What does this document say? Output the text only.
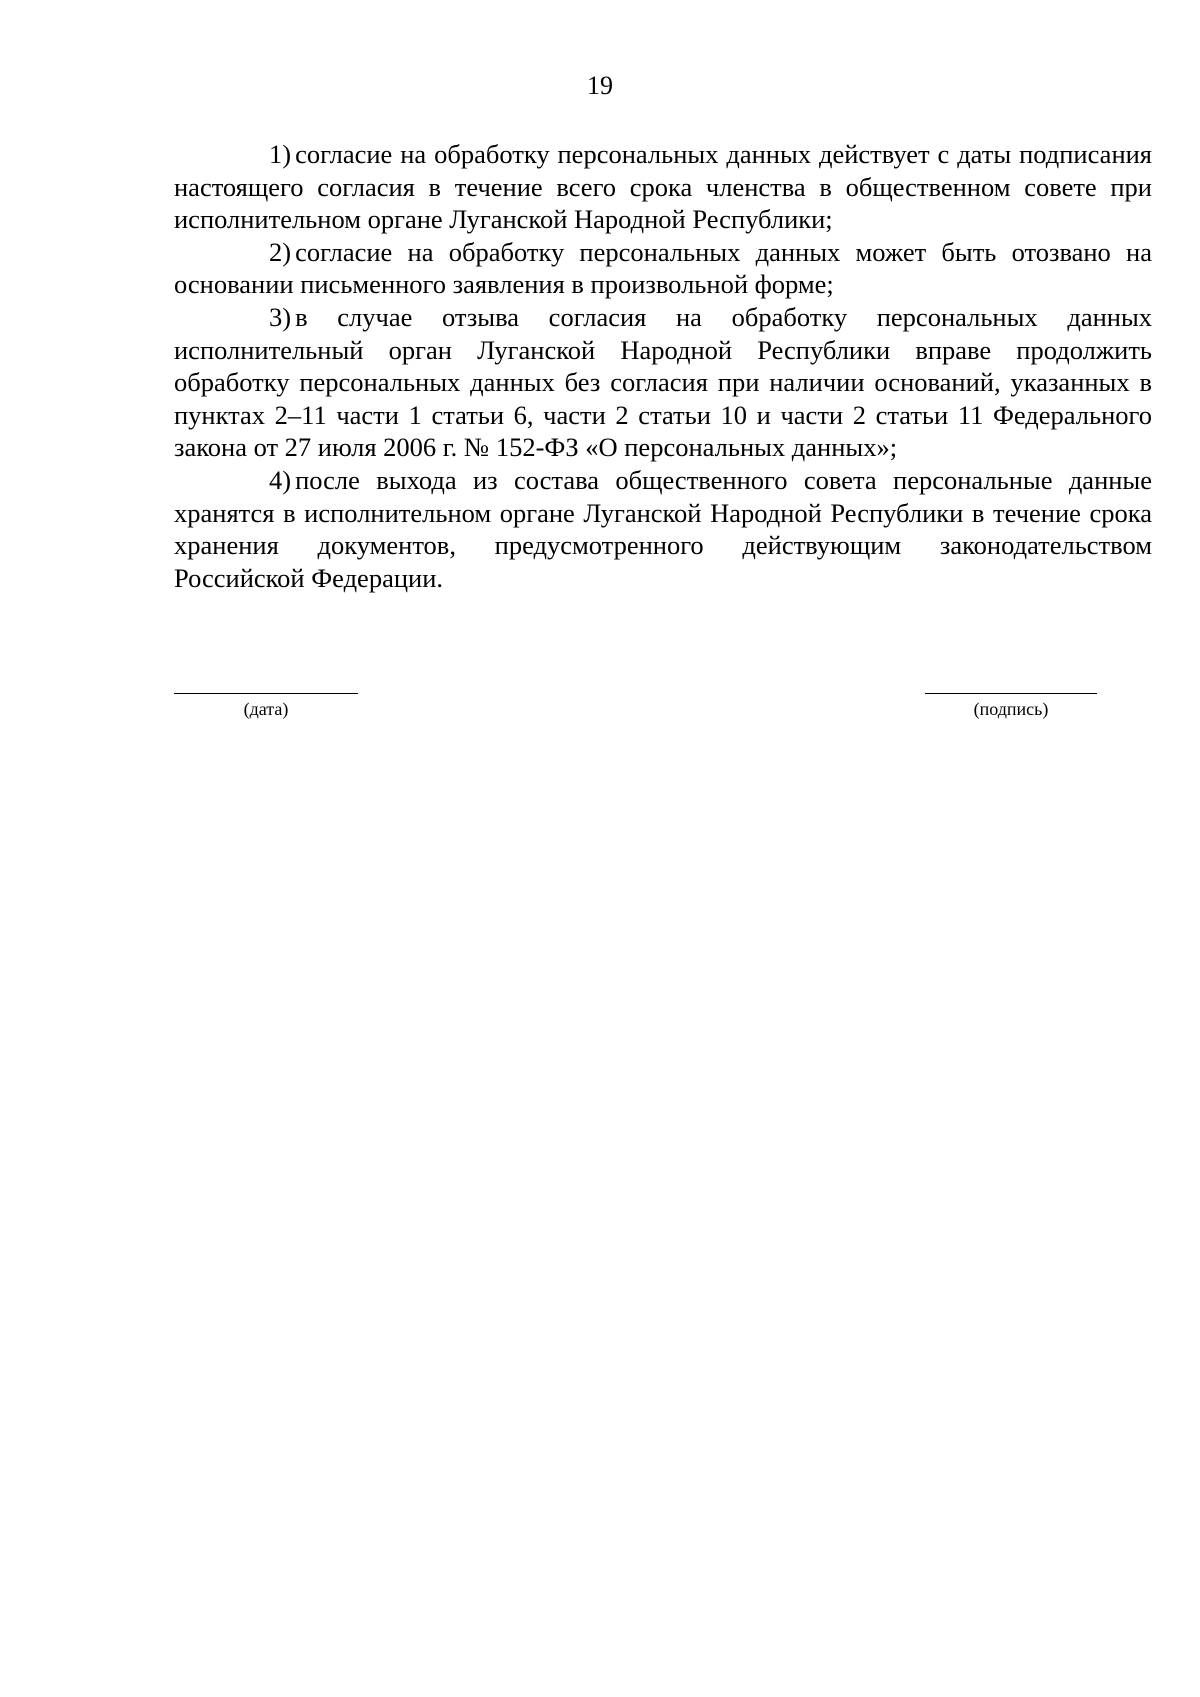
19

1) согласие на обработку персональных данных действует с даты подписания настоящего согласия в течение всего срока членства в общественном совете при исполнительном органе Луганской Народной Республики;

2) согласие на обработку персональных данных может быть отозвано на основании письменного заявления в произвольной форме;

3) в случае отзыва согласия на обработку персональных данных исполнительный орган Луганской Народной Республики вправе продолжить обработку персональных данных без согласия при наличии оснований, указанных в пунктах 2–11 части 1 статьи 6, части 2 статьи 10 и части 2 статьи 11 Федерального закона от 27 июля 2006 г. № 152-ФЗ «О персональных данных»;

4) после выхода из состава общественного совета персональные данные хранятся в исполнительном органе Луганской Народной Республики в течение срока хранения документов, предусмотренного действующим законодательством Российской Федерации.

(дата)	(подпись)
